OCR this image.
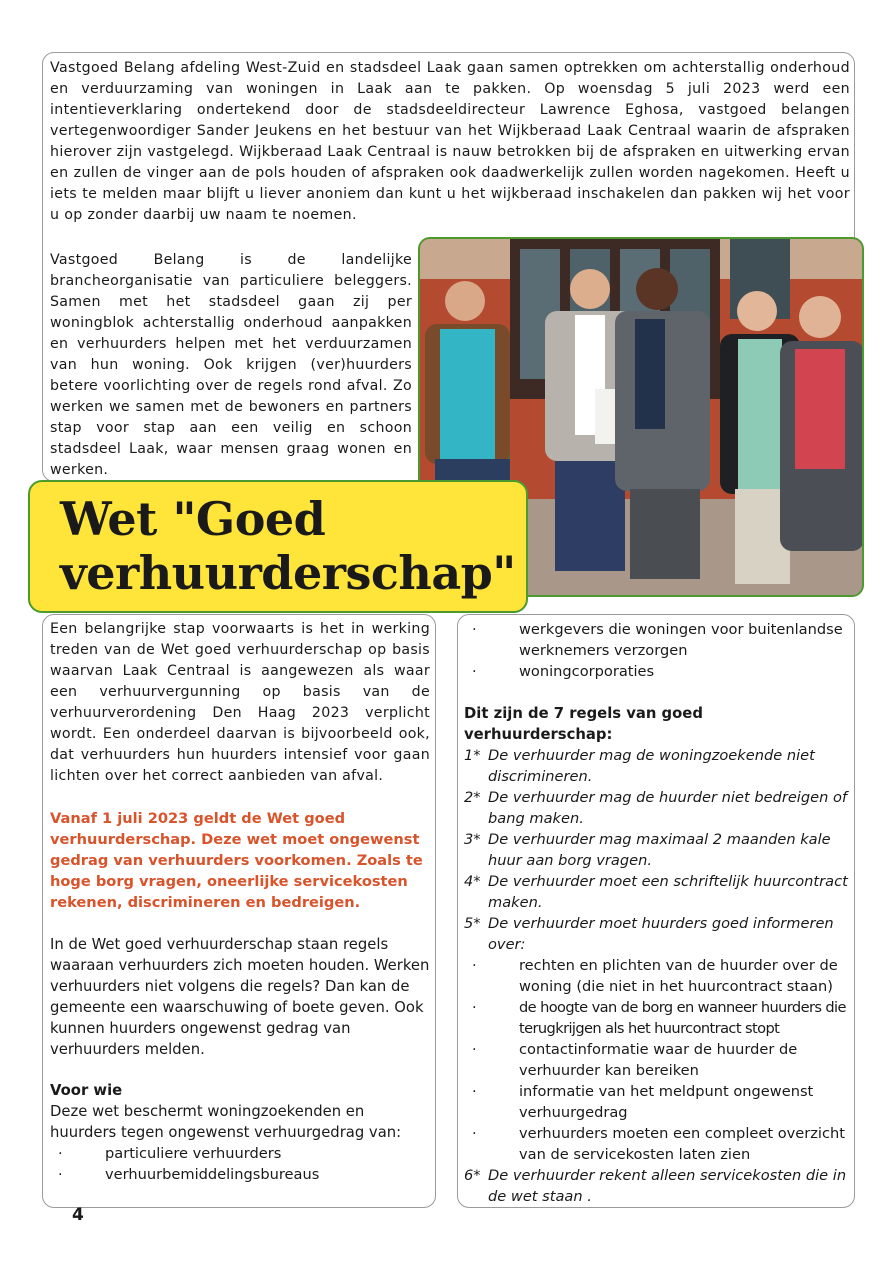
Vastgoed Belang afdeling West-Zuid en stadsdeel Laak gaan samen optrekken om achterstallig onderhoud en verduurzaming van woningen in Laak aan te pakken. Op woensdag 5 juli 2023 werd een intentieverklaring ondertekend door de stadsdeeldirecteur Lawrence Eghosa, vastgoed belangen vertegenwoordiger Sander Jeukens en het bestuur van het Wijkberaad Laak Centraal waarin de afspraken hierover zijn vastgelegd. Wijkberaad Laak Centraal is nauw betrokken bij de afspraken en uitwerking ervan en zullen de vinger aan de pols houden of afspraken ook daadwerkelijk zullen worden nagekomen. Heeft u iets te melden maar blijft u liever anoniem dan kunt u het wijkberaad inschakelen dan pakken wij het voor u op zonder daarbij uw naam te noemen.

Vastgoed Belang is de landelijke brancheorganisatie van particuliere beleggers. Samen met het stadsdeel gaan zij per woningblok achterstallig onderhoud aanpakken en verhuurders helpen met het verduurzamen van hun woning. Ook krijgen (ver)huurders betere voorlichting over de regels rond afval. Zo werken we samen met de bewoners en partners stap voor stap aan een veilig en schoon stadsdeel Laak, waar mensen graag wonen en werken.

Wet "Goed verhuurderschap"

Een belangrijke stap voorwaarts is het in werking treden van de Wet goed verhuurderschap op basis waarvan Laak Centraal is aangewezen als waar een verhuurvergunning op basis van de verhuurverordening Den Haag 2023 verplicht wordt. Een onderdeel daarvan is bijvoorbeeld ook, dat verhuurders hun huurders intensief voor gaan lichten over het correct aanbieden van afval.

Vanaf 1 juli 2023 geldt de Wet goed verhuurderschap. Deze wet moet ongewenst gedrag van verhuurders voorkomen. Zoals te hoge borg vragen, oneerlijke servicekosten rekenen, discrimineren en bedreigen.

In de Wet goed verhuurderschap staan regels waaraan verhuurders zich moeten houden. Werken verhuurders niet volgens die regels? Dan kan de gemeente een waarschuwing of boete geven. Ook kunnen huurders ongewenst gedrag van verhuurders melden.

Voor wie

Deze wet beschermt woningzoekenden en huurders tegen ongewenst verhuurgedrag van:

·	particuliere verhuurders
·	verhuurbemiddelingsbureaus
·	werkgevers die woningen voor buitenlandse werknemers verzorgen
·	woningcorporaties
Dit zijn de 7 regels van goed verhuurderschap:
1* De verhuurder mag de woningzoekende niet discrimineren.
2* De verhuurder mag de huurder niet bedreigen of bang maken.
3* De verhuurder mag maximaal 2 maanden kale huur aan borg vragen.
4* De verhuurder moet een schriftelijk huurcontract maken.
5* De verhuurder moet huurders goed informeren over:
·	rechten en plichten van de huurder over de woning (die niet in het huurcontract staan)
·	de hoogte van de borg en wanneer huurders die terugkrijgen als het huurcontract stopt
·	contactinformatie waar de huurder de verhuurder kan bereiken
·	informatie van het meldpunt ongewenst verhuurgedrag
·	verhuurders moeten een compleet overzicht van de servicekosten laten zien
6* De verhuurder rekent alleen servicekosten die in de wet staan .
4
